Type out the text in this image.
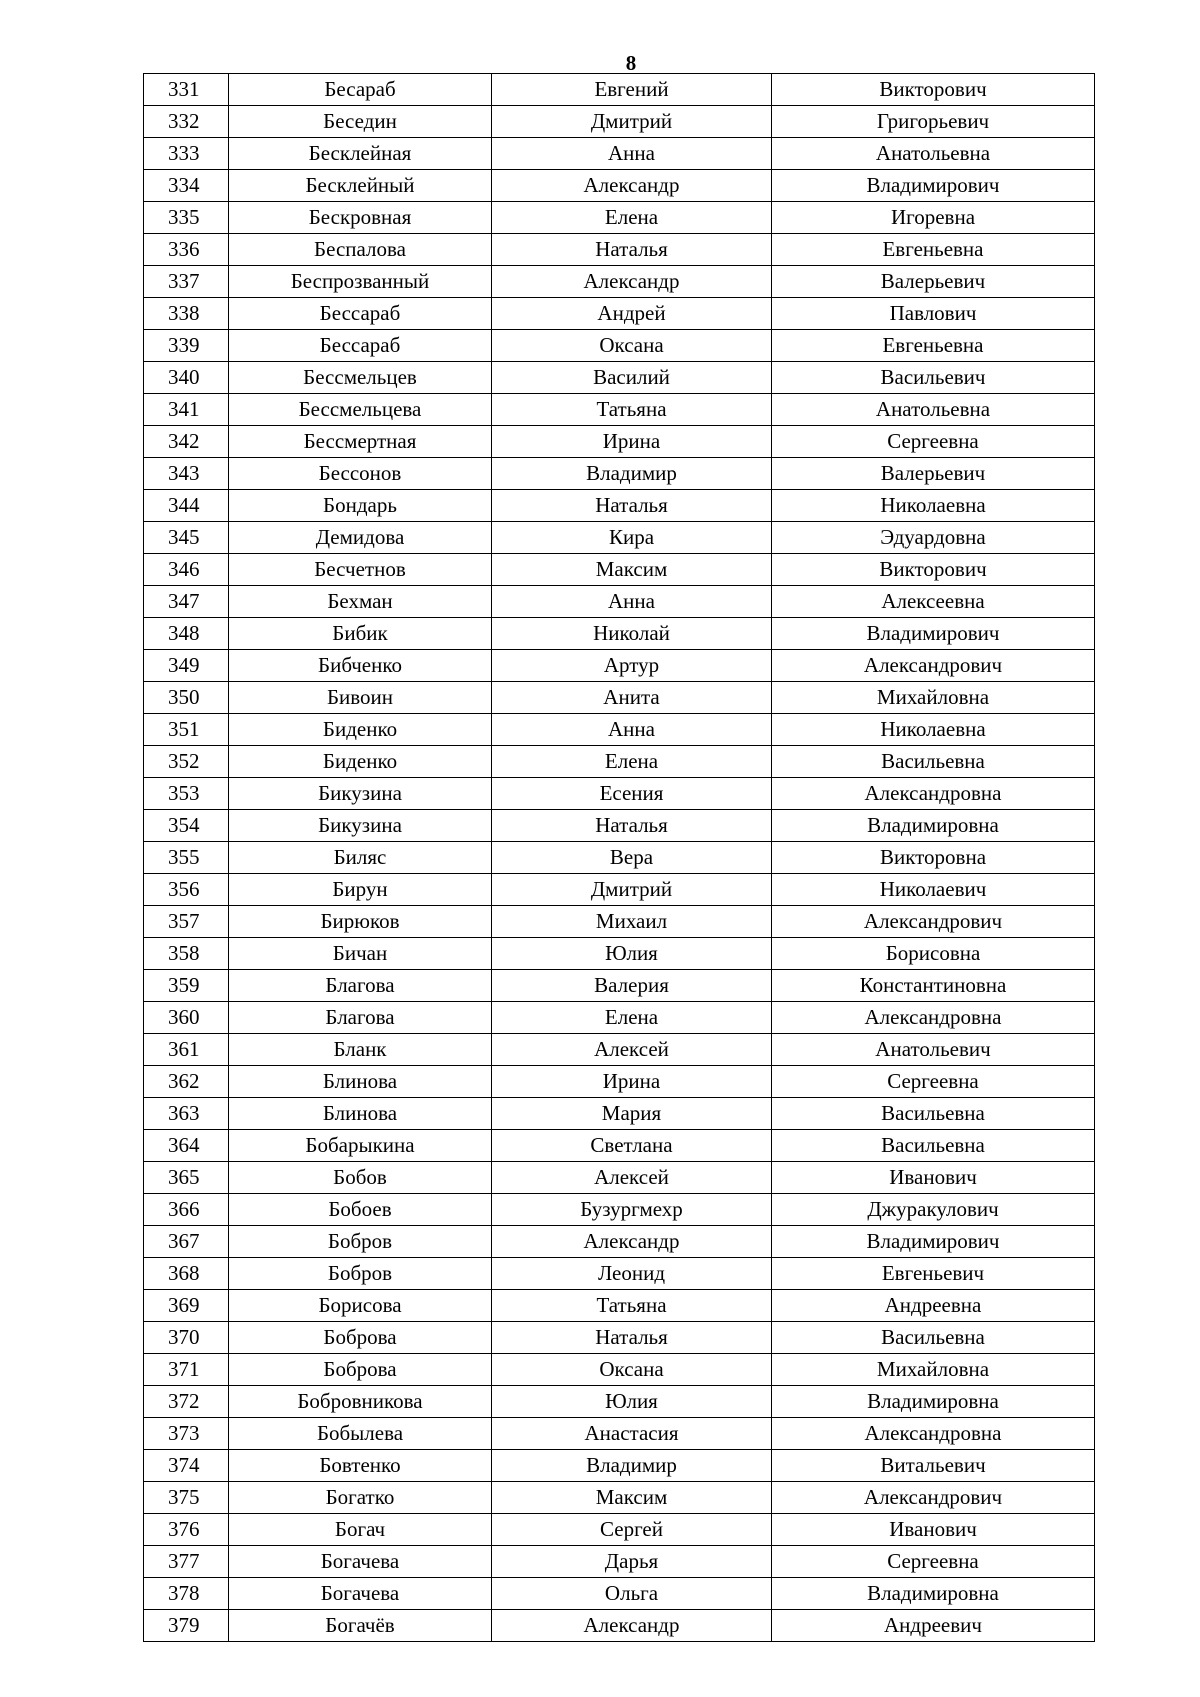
8
331	Бесараб	Евгений	Викторович
332	Беседин	Дмитрий	Григорьевич
333	Бесклейная	Анна	Анатольевна
334	Бесклейный	Александр	Владимирович
335	Бескровная	Елена	Игоревна
336	Беспалова	Наталья	Евгеньевна
337	Беспрозванный	Александр	Валерьевич
338	Бессараб	Андрей	Павлович
339	Бессараб	Оксана	Евгеньевна
340	Бессмельцев	Василий	Васильевич
341	Бессмельцева	Татьяна	Анатольевна
342	Бессмертная	Ирина	Сергеевна
343	Бессонов	Владимир	Валерьевич
344	Бондарь	Наталья	Николаевна
345	Демидова	Кира	Эдуардовна
346	Бесчетнов	Максим	Викторович
347	Бехман	Анна	Алексеевна
348	Бибик	Николай	Владимирович
349	Бибченко	Артур	Александрович
350	Бивоин	Анита	Михайловна
351	Биденко	Анна	Николаевна
352	Биденко	Елена	Васильевна
353	Бикузина	Есения	Александровна
354	Бикузина	Наталья	Владимировна
355	Биляс	Вера	Викторовна
356	Бирун	Дмитрий	Николаевич
357	Бирюков	Михаил	Александрович
358	Бичан	Юлия	Борисовна
359	Благова	Валерия	Константиновна
360	Благова	Елена	Александровна
361	Бланк	Алексей	Анатольевич
362	Блинова	Ирина	Сергеевна
363	Блинова	Мария	Васильевна
364	Бобарыкина	Светлана	Васильевна
365	Бобов	Алексей	Иванович
366	Бобоев	Бузургмехр	Джуракулович
367	Бобров	Александр	Владимирович
368	Бобров	Леонид	Евгеньевич
369	Борисова	Татьяна	Андреевна
370	Боброва	Наталья	Васильевна
371	Боброва	Оксана	Михайловна
372	Бобровникова	Юлия	Владимировна
373	Бобылева	Анастасия	Александровна
374	Бовтенко	Владимир	Витальевич
375	Богатко	Максим	Александрович
376	Богач	Сергей	Иванович
377	Богачева	Дарья	Сергеевна
378	Богачева	Ольга	Владимировна
379	Богачёв	Александр	Андреевич
